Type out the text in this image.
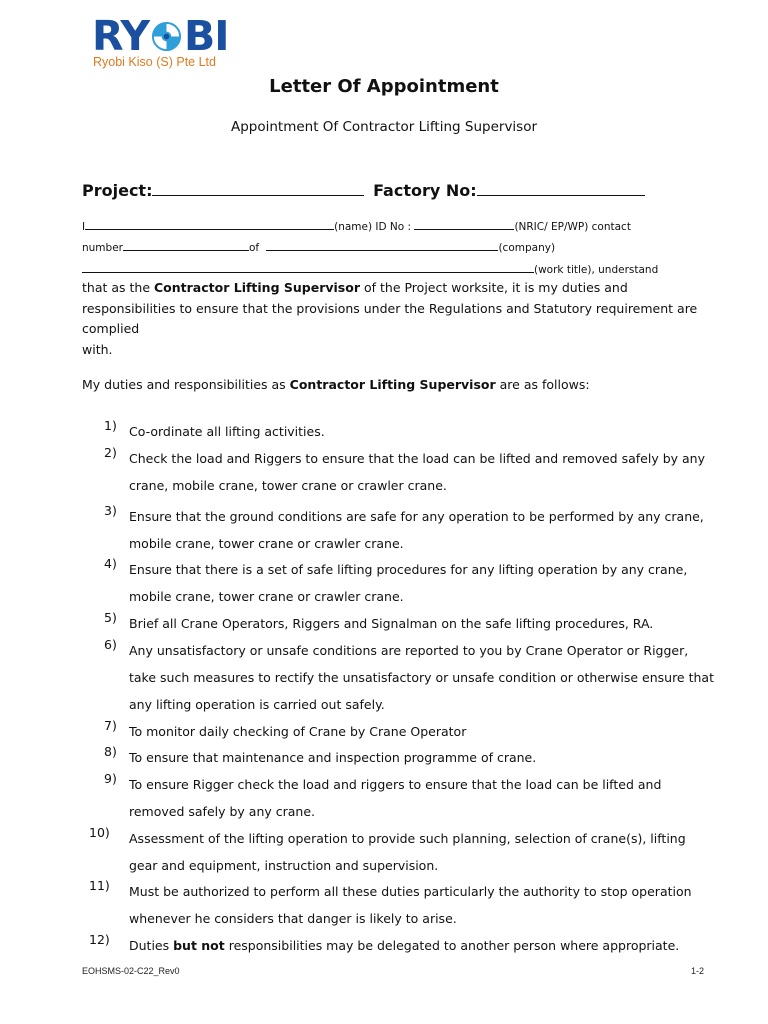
RY BI
Ryobi Kiso (S) Pte Ltd
Letter Of Appointment
Appointment Of Contractor Lifting Supervisor
Project:	Factory No:
I	(name) ID No :	(NRIC/ EP/WP) contact
number	of	(company)
(work title), understand
that as the Contractor Lifting Supervisor of the Project worksite, it is my duties and
responsibilities to ensure that the provisions under the Regulations and Statutory requirement are
complied
with.
My duties and responsibilities as Contractor Lifting Supervisor are as follows:
1) Co-ordinate all lifting activities.
2) Check the load and Riggers to ensure that the load can be lifted and removed safely by any
crane, mobile crane, tower crane or crawler crane.
3) Ensure that the ground conditions are safe for any operation to be performed by any crane,
mobile crane, tower crane or crawler crane.
4) Ensure that there is a set of safe lifting procedures for any lifting operation by any crane,
mobile crane, tower crane or crawler crane.
5) Brief all Crane Operators, Riggers and Signalman on the safe lifting procedures, RA.
6) Any unsatisfactory or unsafe conditions are reported to you by Crane Operator or Rigger,
take such measures to rectify the unsatisfactory or unsafe condition or otherwise ensure that
any lifting operation is carried out safely.
7) To monitor daily checking of Crane by Crane Operator
8) To ensure that maintenance and inspection programme of crane.
9) To ensure Rigger check the load and riggers to ensure that the load can be lifted and
removed safely by any crane.
10) Assessment of the lifting operation to provide such planning, selection of crane(s), lifting
gear and equipment, instruction and supervision.
11) Must be authorized to perform all these duties particularly the authority to stop operation
whenever he considers that danger is likely to arise.
12) Duties but not responsibilities may be delegated to another person where appropriate.
EOHSMS-02-C22_Rev0	1-2
